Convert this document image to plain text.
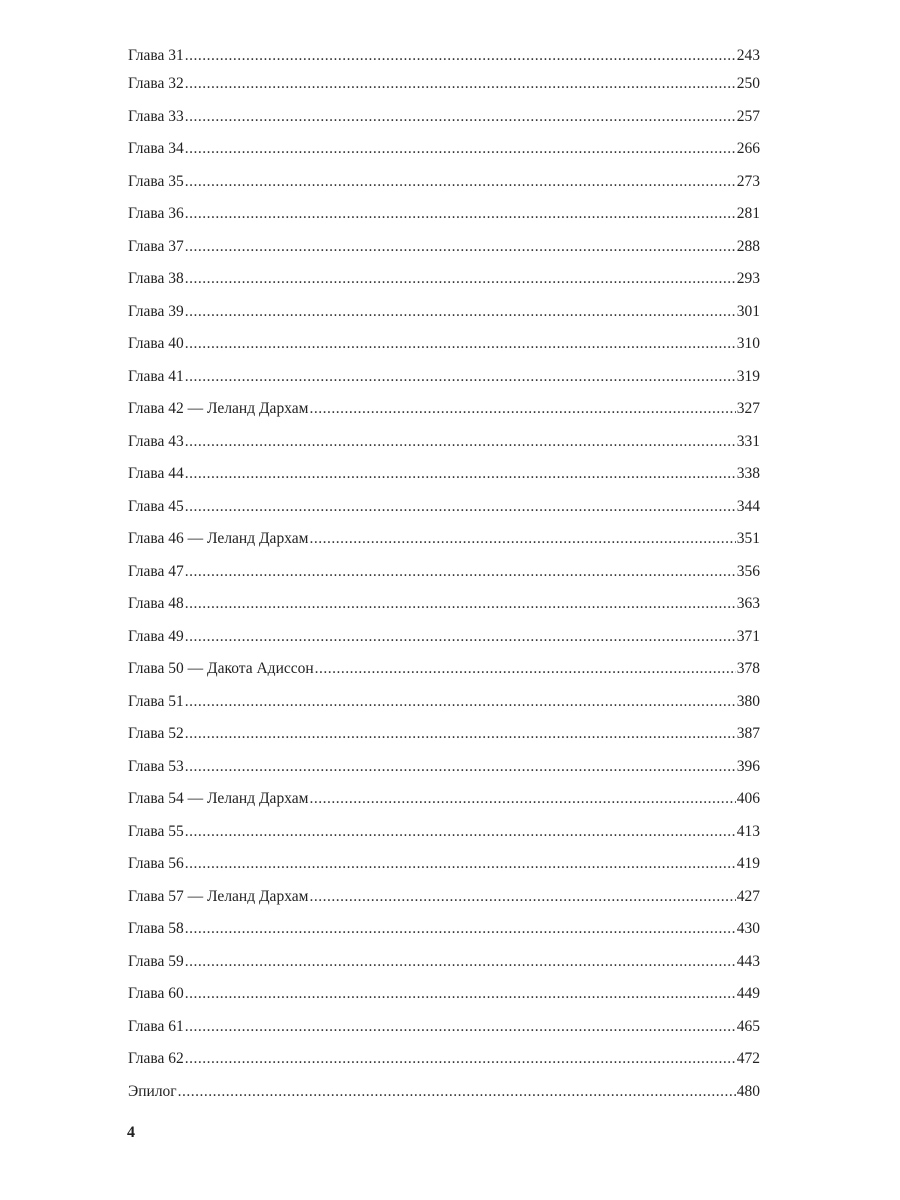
Глава 31 .....	243
Глава 32 .....	250
Глава 33 .....	257
Глава 34 .....	266
Глава 35 .....	273
Глава 36 .....	281
Глава 37 .....	288
Глава 38 .....	293
Глава 39 .....	301
Глава 40 .....	310
Глава 41 .....	319
Глава 42 — Леланд Дархам .....	327
Глава 43 .....	331
Глава 44 .....	338
Глава 45 .....	344
Глава 46 — Леланд Дархам .....	351
Глава 47 .....	356
Глава 48 .....	363
Глава 49 .....	371
Глава 50 — Дакота Адиссон .....	378
Глава 51 .....	380
Глава 52 .....	387
Глава 53 .....	396
Глава 54 — Леланд Дархам .....	406
Глава 55 .....	413
Глава 56 .....	419
Глава 57 — Леланд Дархам .....	427
Глава 58 .....	430
Глава 59 .....	443
Глава 60 .....	449
Глава 61 .....	465
Глава 62 .....	472
Эпилог .....	480
4
